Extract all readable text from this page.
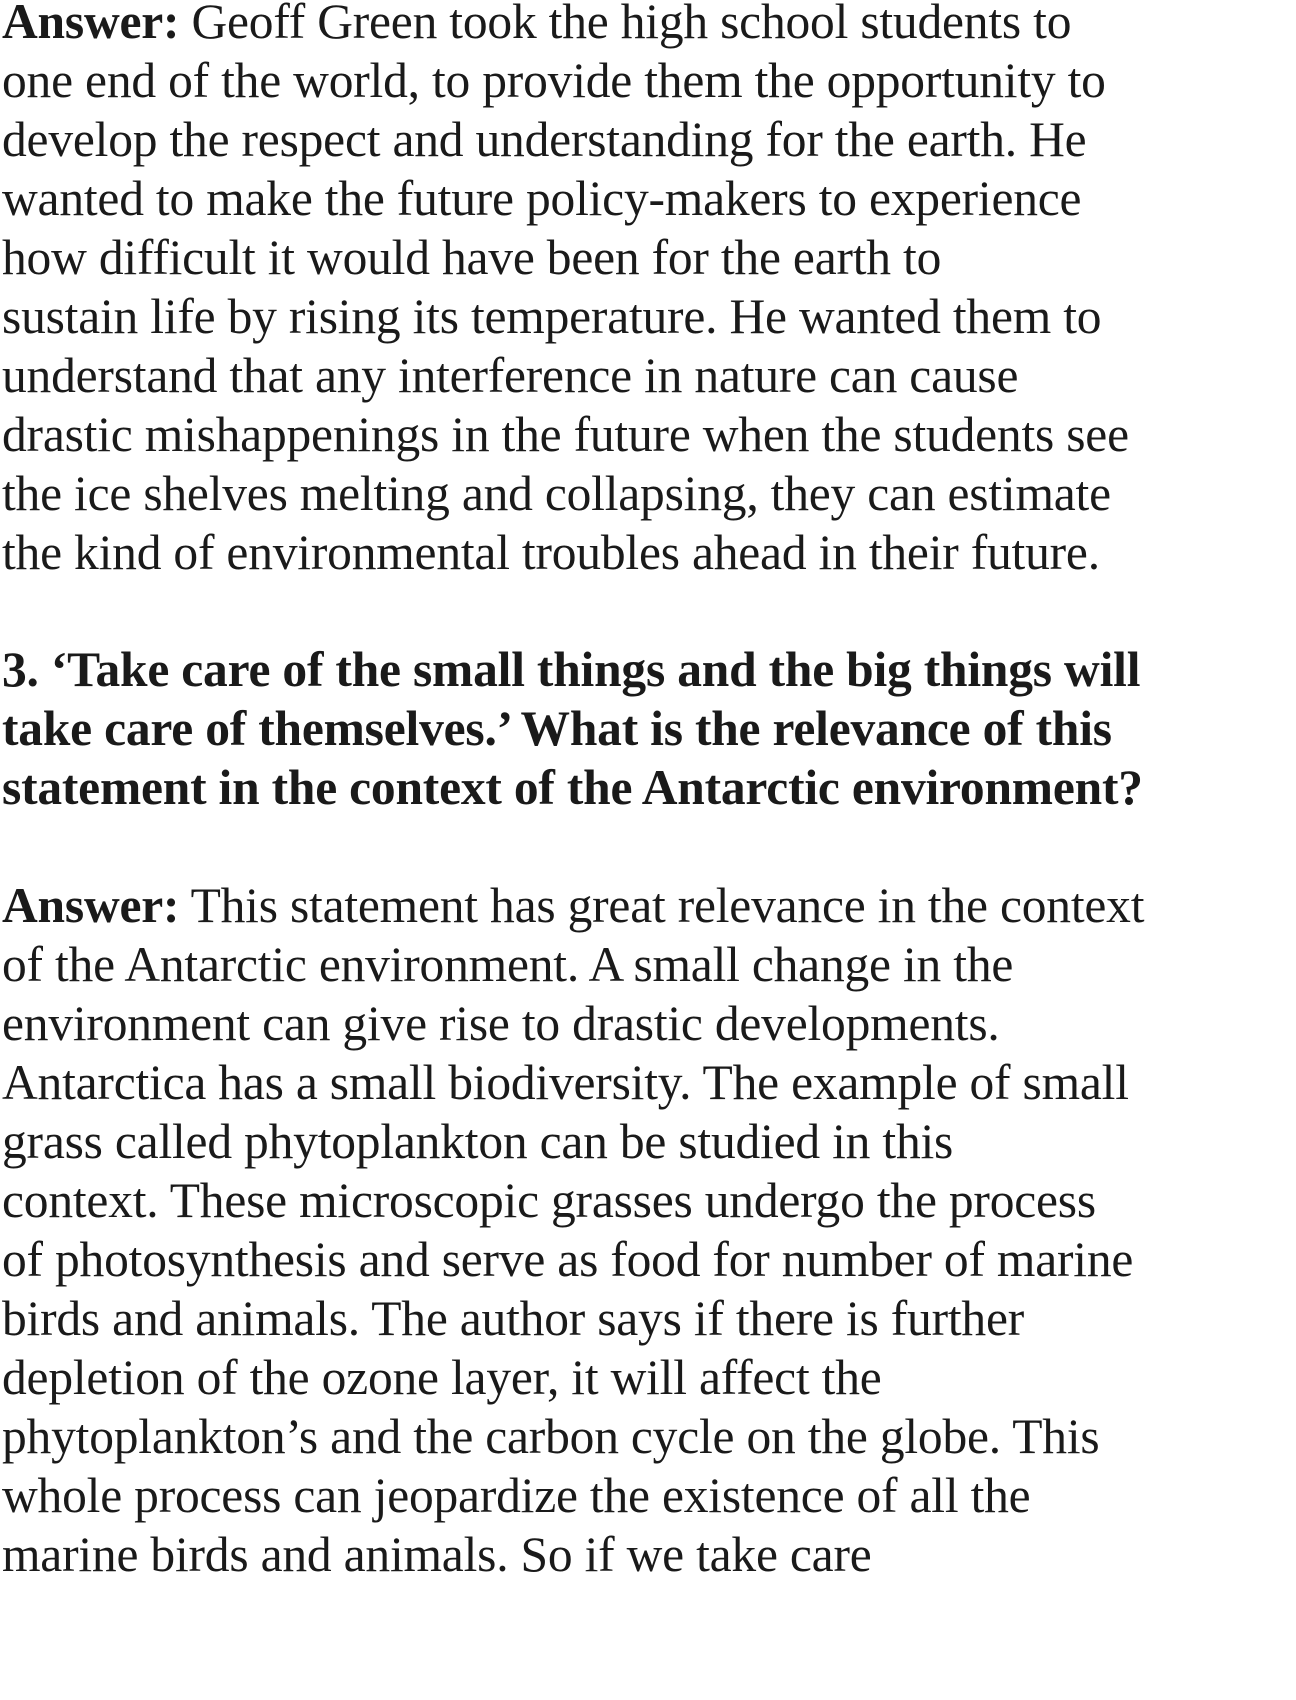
Answer: Geoff Green took the high school students to
one end of the world, to provide them the opportunity to
develop the respect and understanding for the earth. He
wanted to make the future policy-makers to experience
how difficult it would have been for the earth to
sustain life by rising its temperature. He wanted them to
understand that any interference in nature can cause
drastic mishappenings in the future when the students see
the ice shelves melting and collapsing, they can estimate
the kind of environmental troubles ahead in their future.
3. ‘Take care of the small things and the big things will
take care of themselves.’ What is the relevance of this
statement in the context of the Antarctic environment?
Answer: This statement has great relevance in the context
of the Antarctic environment. A small change in the
environment can give rise to drastic developments.
Antarctica has a small biodiversity. The example of small
grass called phytoplankton can be studied in this
context. These microscopic grasses undergo the process
of photosynthesis and serve as food for number of marine
birds and animals. The author says if there is further
depletion of the ozone layer, it will affect the
phytoplankton’s and the carbon cycle on the globe. This
whole process can jeopardize the existence of all the
marine birds and animals. So if we take care
